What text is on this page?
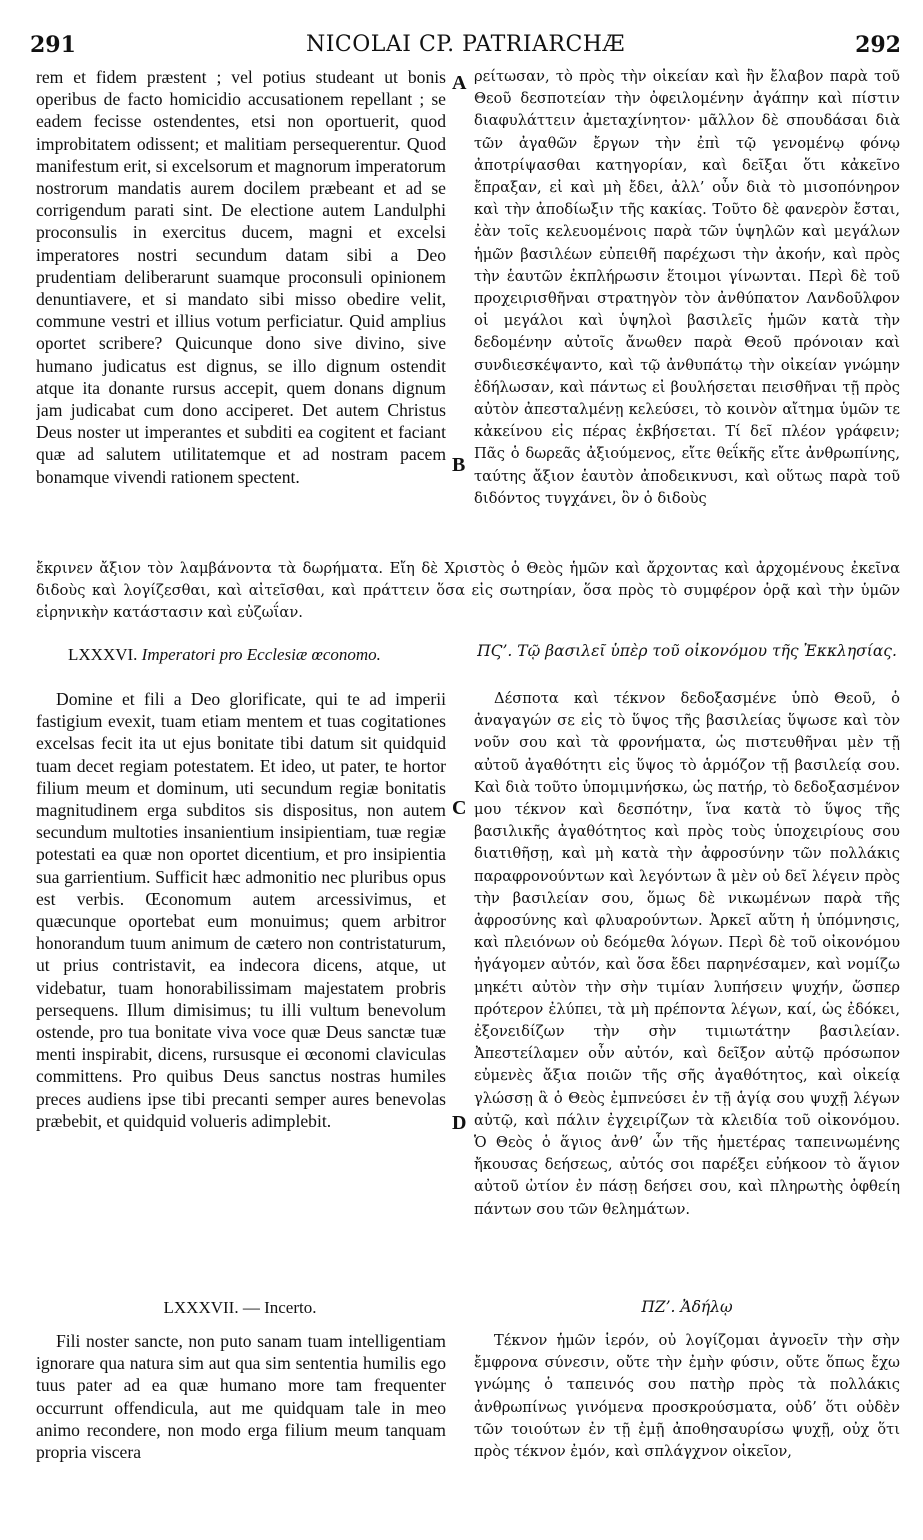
291	NICOLAI CP. PATRIARCHÆ	292
A
B
C
D

rem et fidem præstent ; vel potius studeant ut bonis operibus de facto homicidio accusationem repellant ; se eadem fecisse ostendentes, etsi non oportuerit, quod improbitatem odissent; et malitiam persequerentur. Quod manifestum erit, si excelsorum et magnorum imperatorum nostrorum mandatis aurem docilem præbeant et ad se corrigendum parati sint. De electione autem Landulphi proconsulis in exercitus ducem, magni et excelsi imperatores nostri secundum datam sibi a Deo prudentiam deliberarunt suamque proconsuli opinionem denuntiavere, et si mandato sibi misso obedire velit, commune vestri et illius votum perficiatur. Quid amplius oportet scribere? Quicunque dono sive divino, sive humano judicatus est dignus, se illo dignum ostendit atque ita donante rursus accepit, quem donans dignum jam judicabat cum dono acciperet. Det autem Christus Deus noster ut imperantes et subditi ea cogitent et faciant quæ ad salutem utilitatemque et ad nostram pacem bonamque vivendi rationem spectent.

ρείτωσαν, τὸ πρὸς τὴν οἰκείαν καὶ ἣν ἔλαβον παρὰ τοῦ Θεοῦ δεσποτείαν τὴν ὀφειλομένην ἀγάπην καὶ πίστιν διαφυλάττειν ἀμεταχίνητον· μᾶλλον δὲ σπουδάσαι διὰ τῶν ἀγαθῶν ἔργων τὴν ἐπὶ τῷ γενομένῳ φόνῳ ἀποτρίψασθαι κατηγορίαν, καὶ δεῖξαι ὅτι κἀκεῖνο ἔπραξαν, εἰ καὶ μὴ ἔδει, ἀλλ’ οὖν διὰ τὸ μισοπόνηρον καὶ τὴν ἀποδίωξιν τῆς κακίας. Τοῦτο δὲ φανερὸν ἔσται, ἐὰν τοῖς κελευομένοις παρὰ τῶν ὑψηλῶν καὶ μεγάλων ἡμῶν βασιλέων εὐπειθῆ παρέχωσι τὴν ἀκοήν, καὶ πρὸς τὴν ἑαυτῶν ἐκπλήρωσιν ἕτοιμοι γίνωνται. Περὶ δὲ τοῦ προχειρισθῆναι στρατηγὸν τὸν ἀνθύπατον Λανδοῦλφον οἱ μεγάλοι καὶ ὑψηλοὶ βασιλεῖς ἡμῶν κατὰ τὴν δεδομένην αὐτοῖς ἄνωθεν παρὰ Θεοῦ πρόνοιαν καὶ συνδιεσκέψαντο, καὶ τῷ ἀνθυπάτῳ τὴν οἰκείαν γνώμην ἐδήλωσαν, καὶ πάντως εἰ βουλήσεται πεισθῆναι τῇ πρὸς αὐτὸν ἀπεσταλμένῃ κελεύσει, τὸ κοινὸν αἴτημα ὑμῶν τε κἀκείνου εἰς πέρας ἐκβήσεται. Τί δεῖ πλέον γράφειν; Πᾶς ὁ δωρεᾶς ἀξιούμενος, εἴτε θεΐκῆς εἴτε ἀνθρωπίνης, ταύτης ἄξιον ἑαυτὸν ἀποδεικνυσι, καὶ οὕτως παρὰ τοῦ διδόντος τυγχάνει, ὃν ὁ διδοὺς

ἔκρινεν ἄξιον τὸν λαμβάνοντα τὰ δωρήματα. Εἴη δὲ Χριστὸς ὁ Θεὸς ἡμῶν καὶ ἄρχοντας καὶ ἀρχομένους ἐκεῖνα διδοὺς καὶ λογίζεσθαι, καὶ αἰτεῖσθαι, καὶ πράττειν ὅσα εἰς σωτηρίαν, ὅσα πρὸς τὸ συμφέρον ὁρᾷ καὶ τὴν ὑμῶν εἰρηνικὴν κατάστασιν καὶ εὐζωΐαν.

LXXXVI. Imperatori pro Ecclesiæ œconomo.	ΠϚ’. Τῷ βασιλεῖ ὑπὲρ τοῦ οἰκονόμου τῆς Ἐκκλησίας.

Domine et fili a Deo glorificate, qui te ad imperii fastigium evexit, tuam etiam mentem et tuas cogitationes excelsas fecit ita ut ejus bonitate tibi datum sit quidquid tuam decet regiam potestatem. Et ideo, ut pater, te hortor filium meum et dominum, uti secundum regiæ bonitatis magnitudinem erga subditos sis dispositus, non autem secundum multoties insanientium insipientiam, tuæ regiæ potestati ea quæ non oportet dicentium, et pro insipientia sua garrientium. Sufficit hæc admonitio nec pluribus opus est verbis. Œconomum autem arcessivimus, et quæcunque oportebat eum monuimus; quem arbitror honorandum tuum animum de cætero non contristaturum, ut prius contristavit, ea indecora dicens, atque, ut videbatur, tuam honorabilissimam majestatem probris persequens. Illum dimisimus; tu illi vultum benevolum ostende, pro tua bonitate viva voce quæ Deus sanctæ tuæ menti inspirabit, dicens, rursusque ei œconomi claviculas committens. Pro quibus Deus sanctus nostras humiles preces audiens ipse tibi precanti semper aures benevolas præbebit, et quidquid volueris adimplebit.

Δέσποτα καὶ τέκνον δεδοξασμένε ὑπὸ Θεοῦ, ὁ ἀναγαγών σε εἰς τὸ ὕψος τῆς βασιλείας ὕψωσε καὶ τὸν νοῦν σου καὶ τὰ φρονήματα, ὡς πιστευθῆναι μὲν τῇ αὐτοῦ ἀγαθότητι εἰς ὕψος τὸ ἁρμόζον τῇ βασιλείᾳ σου. Καὶ διὰ τοῦτο ὑπομιμνήσκω, ὡς πατήρ, τὸ δεδοξασμένον μου τέκνον καὶ δεσπότην, ἵνα κατὰ τὸ ὕψος τῆς βασιλικῆς ἀγαθότητος καὶ πρὸς τοὺς ὑποχειρίους σου διατιθῆσῃ, καὶ μὴ κατὰ τὴν ἀφροσύνην τῶν πολλάκις παραφρονούντων καὶ λεγόντων ἃ μὲν οὐ δεῖ λέγειν πρὸς τὴν βασιλείαν σου, ὅμως δὲ νικωμένων παρὰ τῆς ἀφροσύνης καὶ φλυαρούντων. Ἀρκεῖ αὕτη ἡ ὑπόμνησις, καὶ πλειόνων οὐ δεόμεθα λόγων. Περὶ δὲ τοῦ οἰκονόμου ἠγάγομεν αὐτόν, καὶ ὅσα ἔδει παρηνέσαμεν, καὶ νομίζω μηκέτι αὐτὸν τὴν σὴν τιμίαν λυπήσειν ψυχήν, ὥσπερ πρότερον ἐλύπει, τὰ μὴ πρέποντα λέγων, καί, ὡς ἐδόκει, ἐξονειδίζων τὴν σὴν τιμιωτάτην βασιλείαν. Ἀπεστείλαμεν οὖν αὐτόν, καὶ δεῖξον αὐτῷ πρόσωπον εὐμενὲς ἄξια ποιῶν τῆς σῆς ἀγαθότητος, καὶ οἰκείᾳ γλώσσῃ ἃ ὁ Θεὸς ἐμπνεύσει ἐν τῇ ἁγίᾳ σου ψυχῇ λέγων αὐτῷ, καὶ πάλιν ἐγχειρίζων τὰ κλειδία τοῦ οἰκονόμου. Ὁ Θεὸς ὁ ἅγιος ἀνθ’ ὧν τῆς ἡμετέρας ταπεινωμένης ἤκουσας δεήσεως, αὐτός σοι παρέξει εὐήκοον τὸ ἅγιον αὐτοῦ ὠτίον ἐν πάσῃ δεήσει σου, καὶ πληρωτὴς ὀφθείη πάντων σου τῶν θελημάτων.

LXXXVII. — Incerto.	ΠΖ’. Ἀδήλῳ

Fili noster sancte, non puto sanam tuam intelligentiam ignorare qua natura sim aut qua sim sententia humilis ego tuus pater ad ea quæ humano more tam frequenter occurrunt offendicula, aut me quidquam tale in meo animo recondere, non modo erga filium meum tanquam propria viscera

Τέκνον ἡμῶν ἱερόν, οὐ λογίζομαι ἀγνοεῖν τὴν σὴν ἔμφρονα σύνεσιν, οὔτε τὴν ἐμὴν φύσιν, οὔτε ὅπως ἔχω γνώμης ὁ ταπεινός σου πατὴρ πρὸς τὰ πολλάκις ἀνθρωπίνως γινόμενα προσκρούσματα, οὐδ’ ὅτι οὐδὲν τῶν τοιούτων ἐν τῇ ἐμῇ ἀποθησαυρίσω ψυχῇ, οὐχ ὅτι πρὸς τέκνον ἐμόν, καὶ σπλάγχνον οἰκεῖον,
